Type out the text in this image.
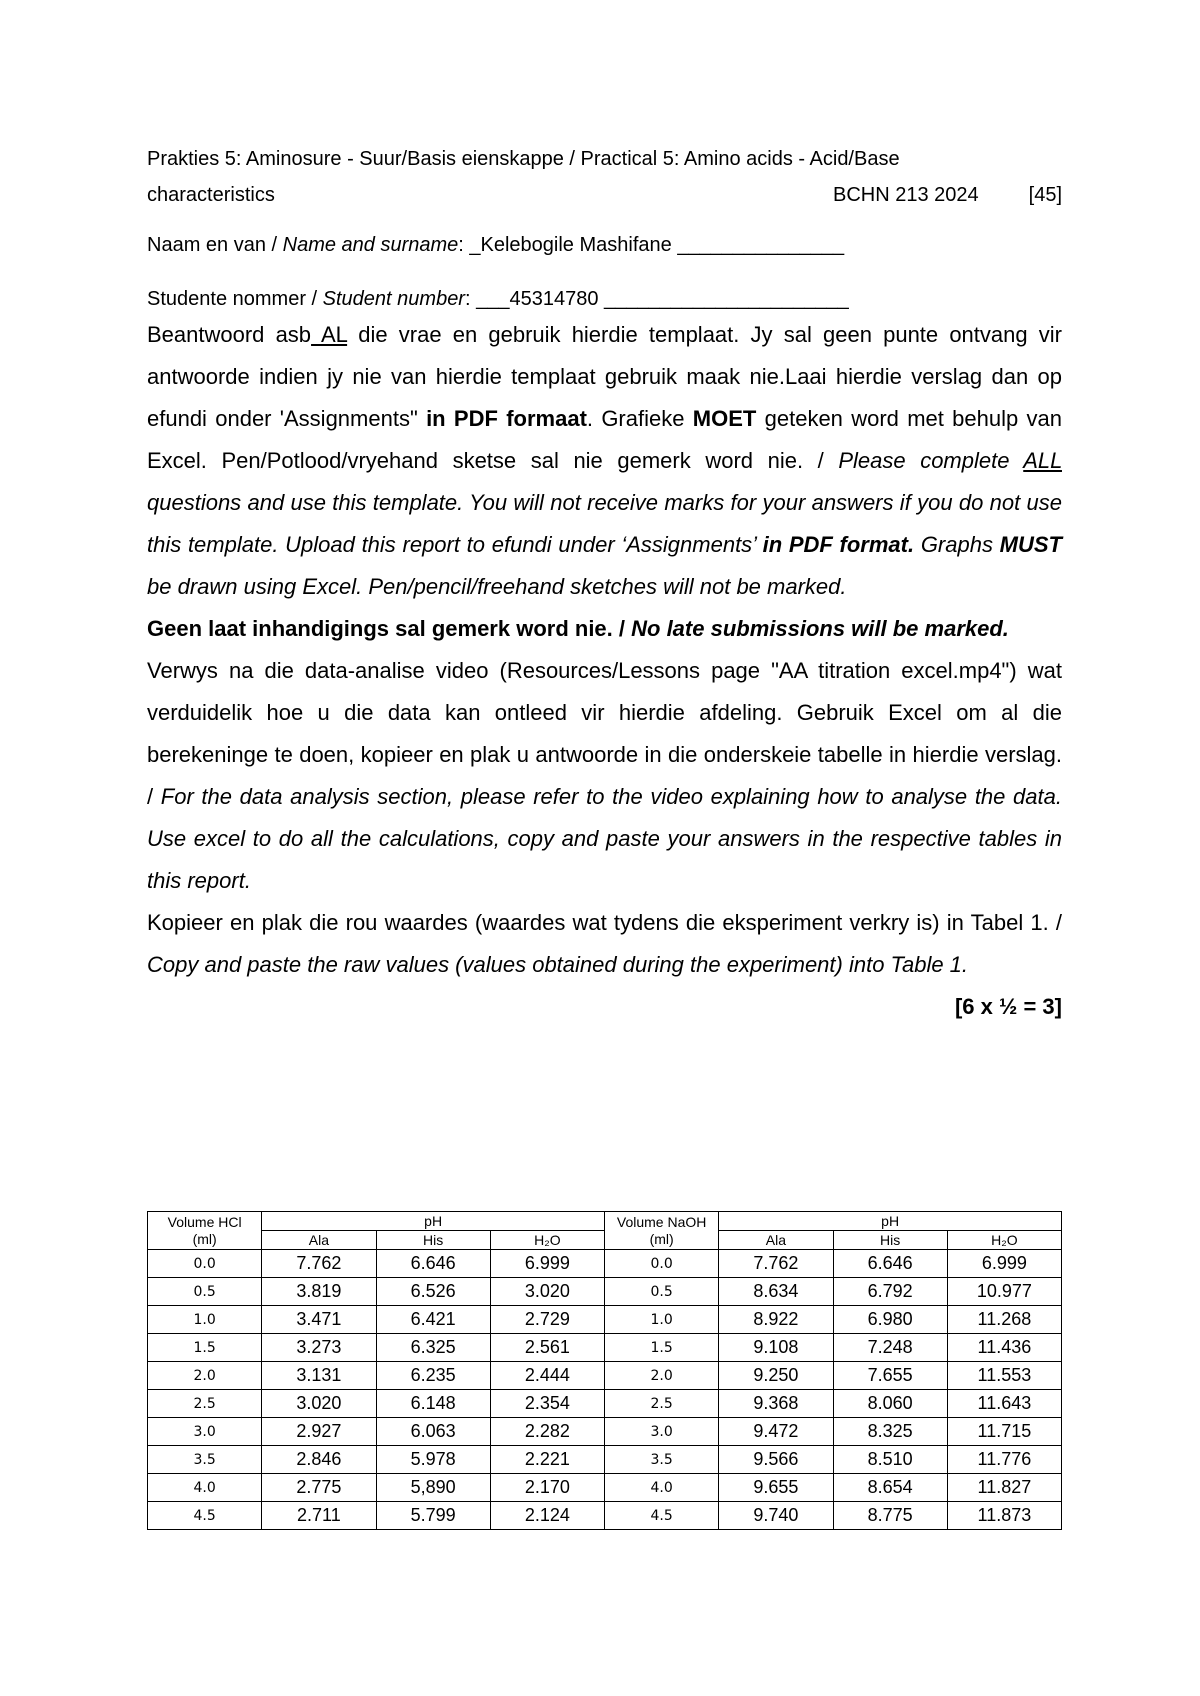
Prakties 5: Aminosure - Suur/Basis eienskappe / Practical 5: Amino acids - Acid/Base
characteristics	BCHN 213 2024	[45]
Naam en van / Name and surname: _Kelebogile Mashifane _______________
Studente nommer / Student number: ___45314780 ______________________

Beantwoord asb AL die vrae en gebruik hierdie templaat. Jy sal geen punte ontvang vir antwoorde indien jy nie van hierdie templaat gebruik maak nie.Laai hierdie verslag dan op efundi onder 'Assignments" in PDF formaat. Grafieke MOET geteken word met behulp van Excel. Pen/Potlood/vryehand sketse sal nie gemerk word nie. / Please complete ALL questions and use this template. You will not receive marks for your answers if you do not use this template. Upload this report to efundi under ‘Assignments’ in PDF format. Graphs MUST be drawn using Excel. Pen/pencil/freehand sketches will not be marked.

Geen laat inhandigings sal gemerk word nie. / No late submissions will be marked.

Verwys na die data-analise video (Resources/Lessons page "AA titration excel.mp4") wat verduidelik hoe u die data kan ontleed vir hierdie afdeling. Gebruik Excel om al die berekeninge te doen, kopieer en plak u antwoorde in die onderskeie tabelle in hierdie verslag. / For the data analysis section, please refer to the video explaining how to analyse the data. Use excel to do all the calculations, copy and paste your answers in the respective tables in this report.

Kopieer en plak die rou waardes (waardes wat tydens die eksperiment verkry is) in Tabel 1. / Copy and paste the raw values (values obtained during the experiment) into Table 1.
[6 x ½ = 3]

Volume HCl (ml)	pH			Volume NaOH (ml)	pH		
	Ala	His	H₂O		Ala	His	H₂O
0.0	7.762	6.646	6.999	0.0	7.762	6.646	6.999
0.5	3.819	6.526	3.020	0.5	8.634	6.792	10.977
1.0	3.471	6.421	2.729	1.0	8.922	6.980	11.268
1.5	3.273	6.325	2.561	1.5	9.108	7.248	11.436
2.0	3.131	6.235	2.444	2.0	9.250	7.655	11.553
2.5	3.020	6.148	2.354	2.5	9.368	8.060	11.643
3.0	2.927	6.063	2.282	3.0	9.472	8.325	11.715
3.5	2.846	5.978	2.221	3.5	9.566	8.510	11.776
4.0	2.775	5,890	2.170	4.0	9.655	8.654	11.827
4.5	2.711	5.799	2.124	4.5	9.740	8.775	11.873
